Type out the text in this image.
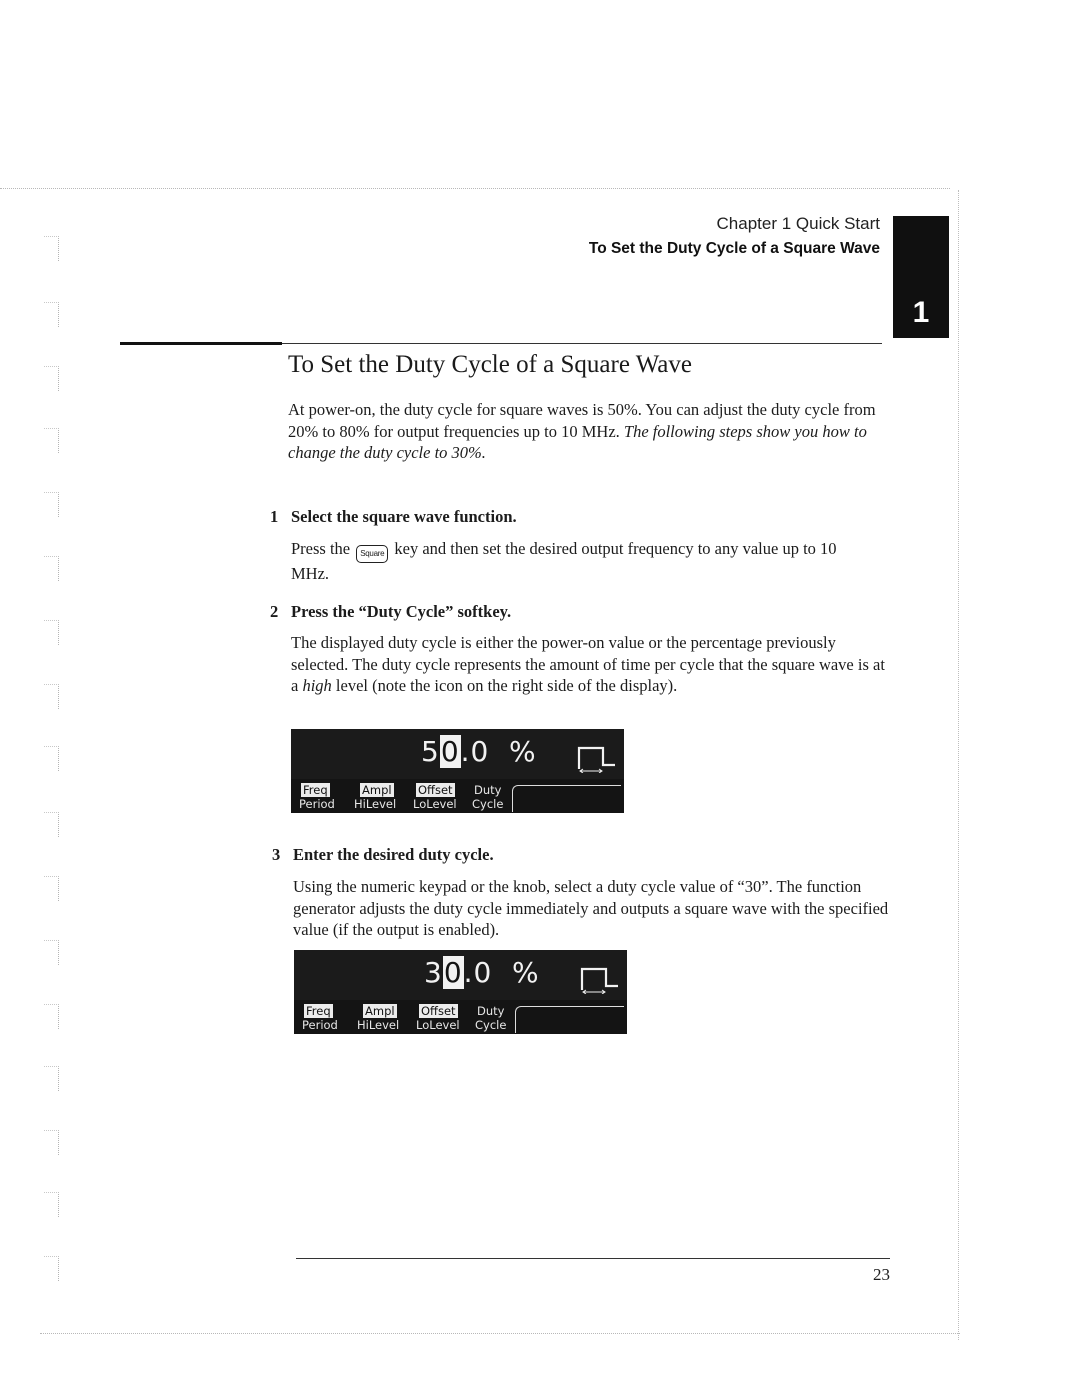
Chapter 1 Quick Start
To Set the Duty Cycle of a Square Wave
1
To Set the Duty Cycle of a Square Wave
At power-on, the duty cycle for square waves is 50%. You can adjust the duty cycle from 20% to 80% for output frequencies up to 10 MHz. The following steps show you how to change the duty cycle to 30%.
1 Select the square wave function.
Press the Square key and then set the desired output frequency to any value up to 10 MHz.
2 Press the “Duty Cycle” softkey.
The displayed duty cycle is either the power-on value or the percentage previously selected. The duty cycle represents the amount of time per cycle that the square wave is at a high level (note the icon on the right side of the display).
50.0 %
Freq	Ampl Offset Duty
Period HiLevel LoLevel Cycle
3 Enter the desired duty cycle.
Using the numeric keypad or the knob, select a duty cycle value of “30”. The function generator adjusts the duty cycle immediately and outputs a square wave with the specified value (if the output is enabled).
30.0 %
Freq	Ampl Offset Duty
Period HiLevel LoLevel Cycle
23
